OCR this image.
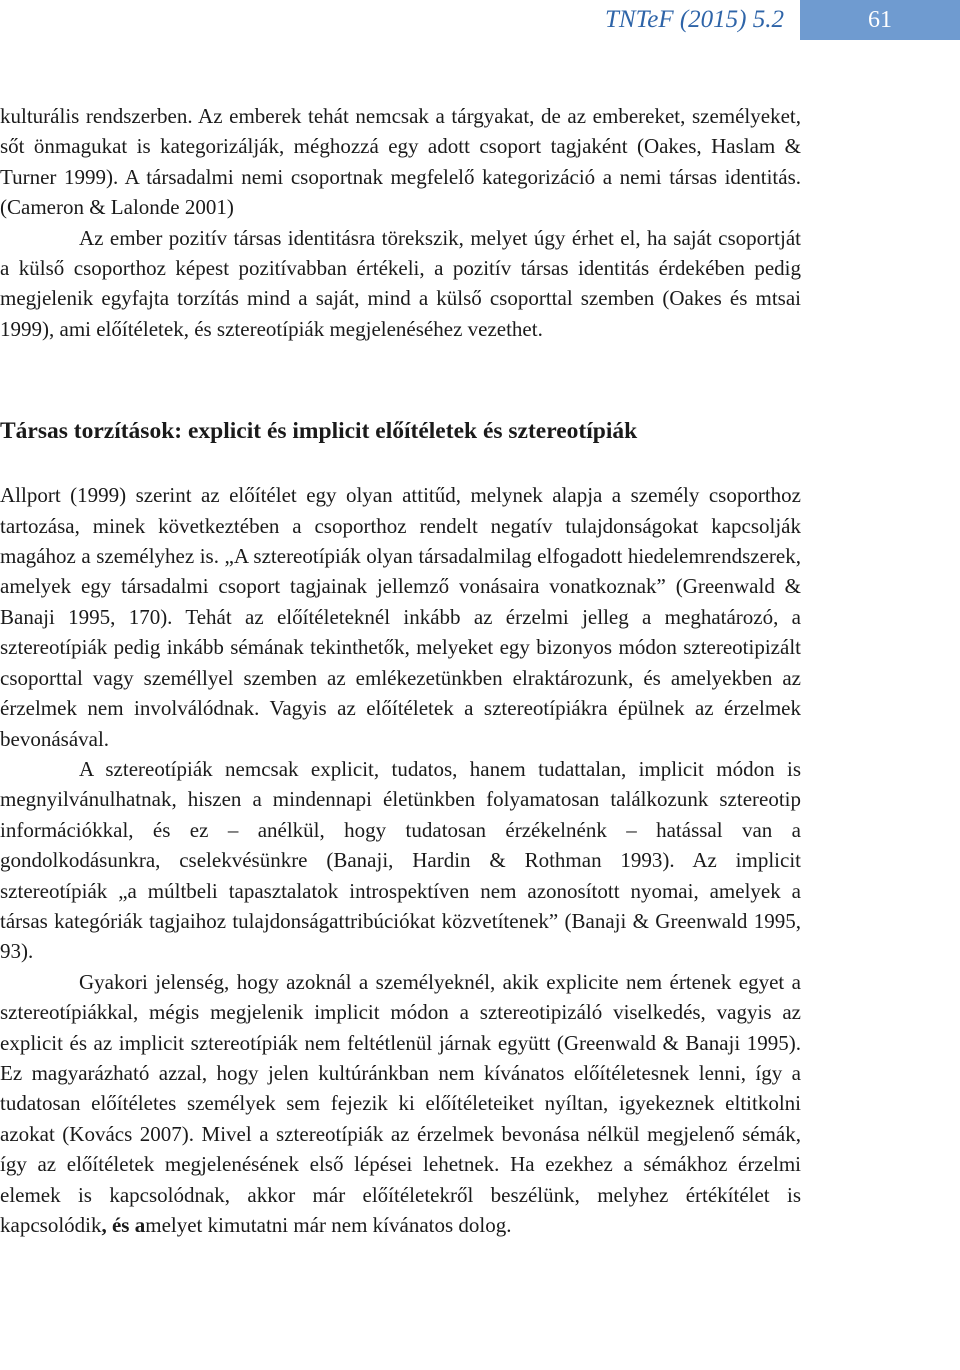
TNTeF (2015) 5.2	61

kulturális rendszerben. Az emberek tehát nemcsak a tárgyakat, de az embereket, személyeket, sőt önmagukat is kategorizálják, méghozzá egy adott csoport tagjaként (Oakes, Haslam & Turner 1999). A társadalmi nemi csoportnak megfelelő kategorizáció a nemi társas identitás. (Cameron & Lalonde 2001)

Az ember pozitív társas identitásra törekszik, melyet úgy érhet el, ha saját csoportját a külső csoporthoz képest pozitívabban értékeli, a pozitív társas identitás érdekében pedig megjelenik egyfajta torzítás mind a saját, mind a külső csoporttal szemben (Oakes és mtsai 1999), ami előítéletek, és sztereotípiák megjelenéséhez vezethet.

Társas torzítások: explicit és implicit előítéletek és sztereotípiák

Allport (1999) szerint az előítélet egy olyan attitűd, melynek alapja a személy csoporthoz tartozása, minek következtében a csoporthoz rendelt negatív tulajdonságokat kapcsolják magához a személyhez is. „A sztereotípiák olyan társadalmilag elfogadott hiedelemrendszerek, amelyek egy társadalmi csoport tagjainak jellemző vonásaira vonatkoznak” (Greenwald & Banaji 1995, 170). Tehát az előítéleteknél inkább az érzelmi jelleg a meghatározó, a sztereotípiák pedig inkább sémának tekinthetők, melyeket egy bizonyos módon sztereotipizált csoporttal vagy személlyel szemben az emlékezetünkben elraktározunk, és amelyekben az érzelmek nem involválódnak. Vagyis az előítéletek a sztereotípiákra épülnek az érzelmek bevonásával.

A sztereotípiák nemcsak explicit, tudatos, hanem tudattalan, implicit módon is megnyilvánulhatnak, hiszen a mindennapi életünkben folyamatosan találkozunk sztereotip információkkal, és ez – anélkül, hogy tudatosan érzékelnénk – hatással van a gondolkodásunkra, cselekvésünkre (Banaji, Hardin & Rothman 1993). Az implicit sztereotípiák „a múltbeli tapasztalatok introspektíven nem azonosított nyomai, amelyek a társas kategóriák tagjaihoz tulajdonságattribúciókat közvetítenek” (Banaji & Greenwald 1995, 93).

Gyakori jelenség, hogy azoknál a személyeknél, akik explicite nem értenek egyet a sztereotípiákkal, mégis megjelenik implicit módon a sztereotipizáló viselkedés, vagyis az explicit és az implicit sztereotípiák nem feltétlenül járnak együtt (Greenwald & Banaji 1995). Ez magyarázható azzal, hogy jelen kultúránkban nem kívánatos előítéletesnek lenni, így a tudatosan előítéletes személyek sem fejezik ki előítéleteiket nyíltan, igyekeznek eltitkolni azokat (Kovács 2007). Mivel a sztereotípiák az érzelmek bevonása nélkül megjelenő sémák, így az előítéletek megjelenésének első lépései lehetnek. Ha ezekhez a sémákhoz érzelmi elemek is kapcsolódnak, akkor már előítéletekről beszélünk, melyhez értékítélet is kapcsolódik, és amelyet kimutatni már nem kívánatos dolog.
